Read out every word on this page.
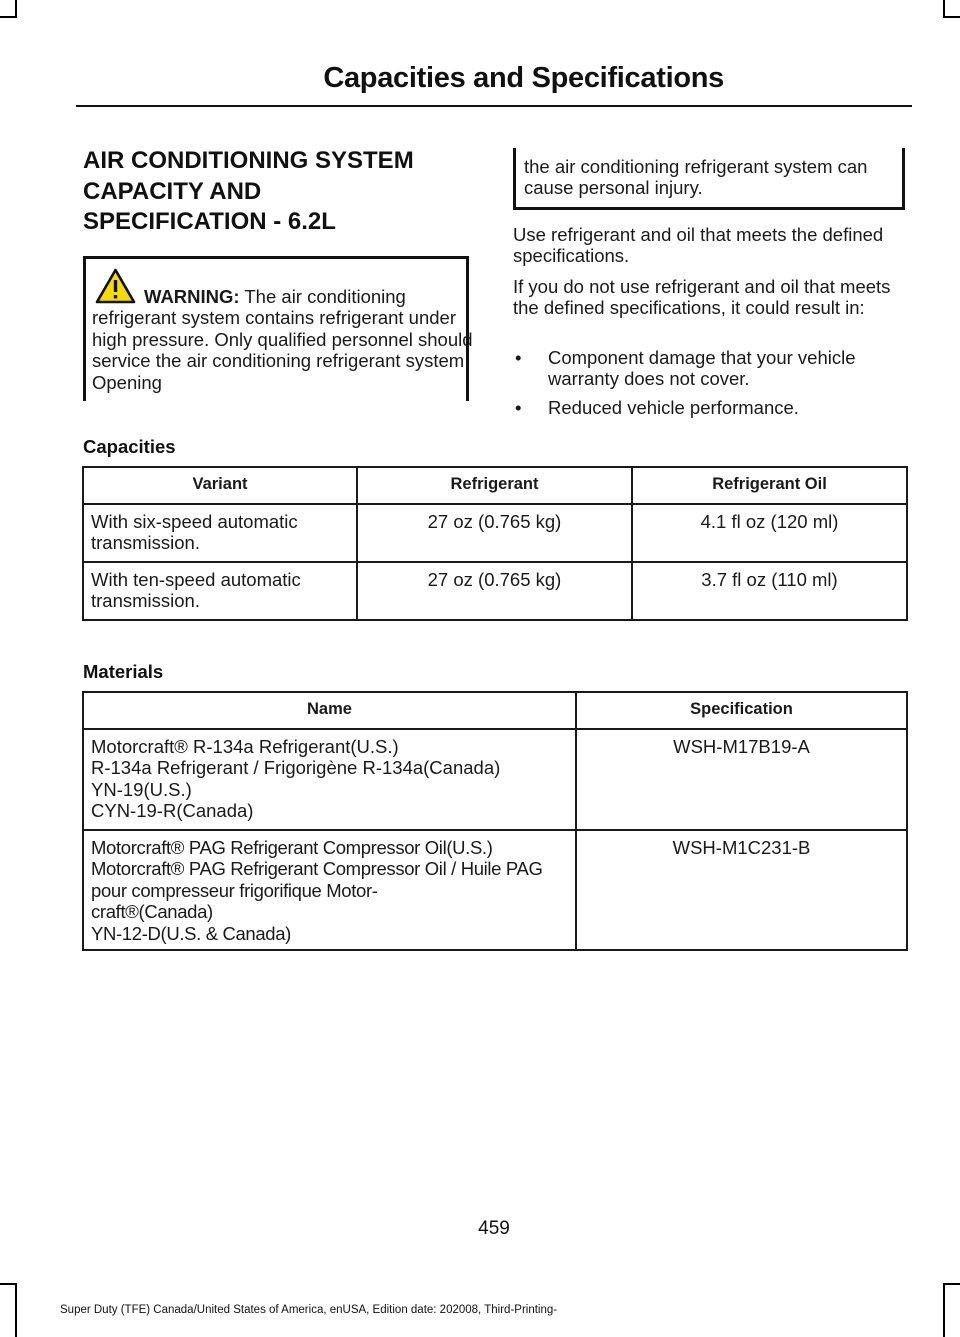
Capacities and Specifications
AIR CONDITIONING SYSTEM
CAPACITY AND
SPECIFICATION - 6.2L
WARNING: The air conditioning refrigerant system contains refrigerant under high pressure. Only qualified personnel should service the air conditioning refrigerant system. Opening
the air conditioning refrigerant system can cause personal injury.
Use refrigerant and oil that meets the defined specifications.
If you do not use refrigerant and oil that meets the defined specifications, it could result in:
• Component damage that your vehicle warranty does not cover.
• Reduced vehicle performance.
Capacities
Variant	Refrigerant	Refrigerant Oil
With six-speed automatic transmission.	27 oz (0.765 kg)	4.1 fl oz (120 ml)
With ten-speed automatic transmission.	27 oz (0.765 kg)	3.7 fl oz (110 ml)
Materials
Name	Specification

Motorcraft® R-134a Refrigerant(U.S.)
R-134a Refrigerant / Frigorigène R-134a(Canada)
YN-19(U.S.)
CYN-19-R(Canada)	WSH-M17B19-A

Motorcraft® PAG Refrigerant Compressor Oil(U.S.)
Motorcraft® PAG Refrigerant Compressor Oil / Huile PAG pour compresseur frigorifique Motor-
craft®(Canada)
YN-12-D(U.S. & Canada)	WSH-M1C231-B
459
Super Duty (TFE) Canada/United States of America, enUSA, Edition date: 202008, Third-Printing-
